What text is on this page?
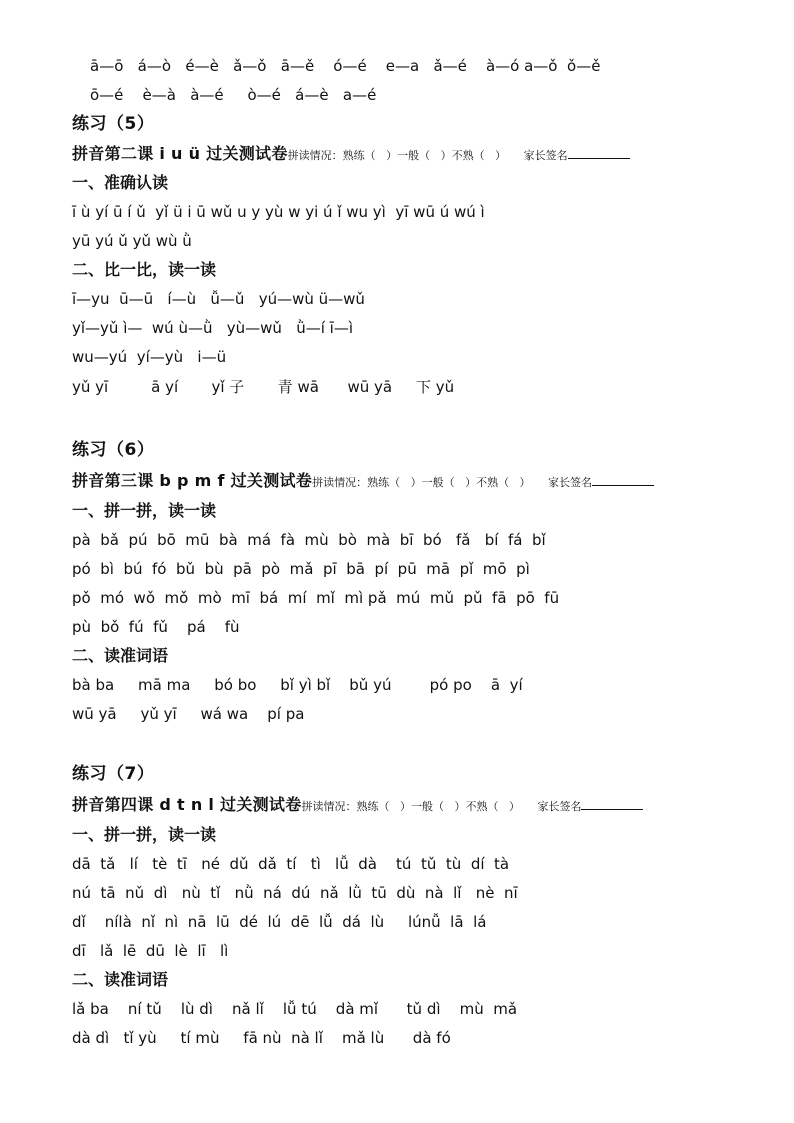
ā—ō   á—ò   é—è   ǎ—ǒ   ā—ě    ó—é    e—a   ǎ—é    à—ó a—ǒ  ǒ—ě
ō—é    è—à   à—é     ò—é   á—è   a—é
练习（5）
拼音第二课 i u ü 过关测试卷拼读情况：熟练（   ）一般（   ）不熟（   ）     家长签名
一、准确认读
ī ù yí ū í ǔ  yǐ ü i ū wǔ u y yù w yi ú ǐ wu yì  yī wū ú wú ì
yū yú ǔ yǔ wù ǜ
二、比一比，读一读
ī—yu  ū—ū   í—ù   ǚ—ǔ   yú—wù ü—wǔ
yǐ—yǔ ì—  wú ù—ǜ   yù—wǔ   ǜ—í ī—ì
wu—yú  yí—yù   i—ü
yǔ yī         ā yí       yǐ 子       青 wā      wū yā     下 yǔ
练习（6）
拼音第三课 b p m f 过关测试卷拼读情况：熟练（   ）一般（   ）不熟（   ）     家长签名
一、拼一拼，读一读
pà  bǎ  pú  bō  mū  bà  má  fà  mù  bò  mà  bī  bó   fǎ   bí  fá  bǐ
pó  bì  bú  fó  bǔ  bù  pā  pò  mǎ  pī  bā  pí  pū  mā  pǐ  mō  pì
pǒ  mó  wǒ  mǒ  mò  mī  bá  mí  mǐ  mì pǎ  mú  mǔ  pǔ  fā  pō  fū
pù  bǒ  fú  fǔ    pá    fù
二、读准词语
bà ba     mā ma     bó bo     bǐ yì bǐ    bǔ yú        pó po    ā  yí
wū yā     yǔ yī     wá wa    pí pa
练习（7）
拼音第四课 d t n l 过关测试卷拼读情况：熟练（   ）一般（   ）不熟（   ）     家长签名
一、拼一拼，读一读
dā  tǎ   lí   tè  tī   né  dǔ  dǎ  tí   tì   lǚ  dà    tú  tǔ  tù  dí  tà
nú  tā  nǔ  dì   nù  tǐ   nǜ  ná  dú  nǎ  lǜ  tū  dù  nà  lǐ   nè  nī
dǐ    nílà  nǐ  nì  nā  lū  dé  lú  dē  lǚ  dá  lù     lúnǚ  lā  lá
dī   lǎ  lē  dū  lè  lī   lì
二、读准词语
lǎ ba    ní tǔ    lù dì    nǎ lǐ    lǚ tú    dà mǐ      tǔ dì    mù  mǎ
dà dì   tǐ yù     tí mù     fā nù  nà lǐ    mǎ lù      dà fó
